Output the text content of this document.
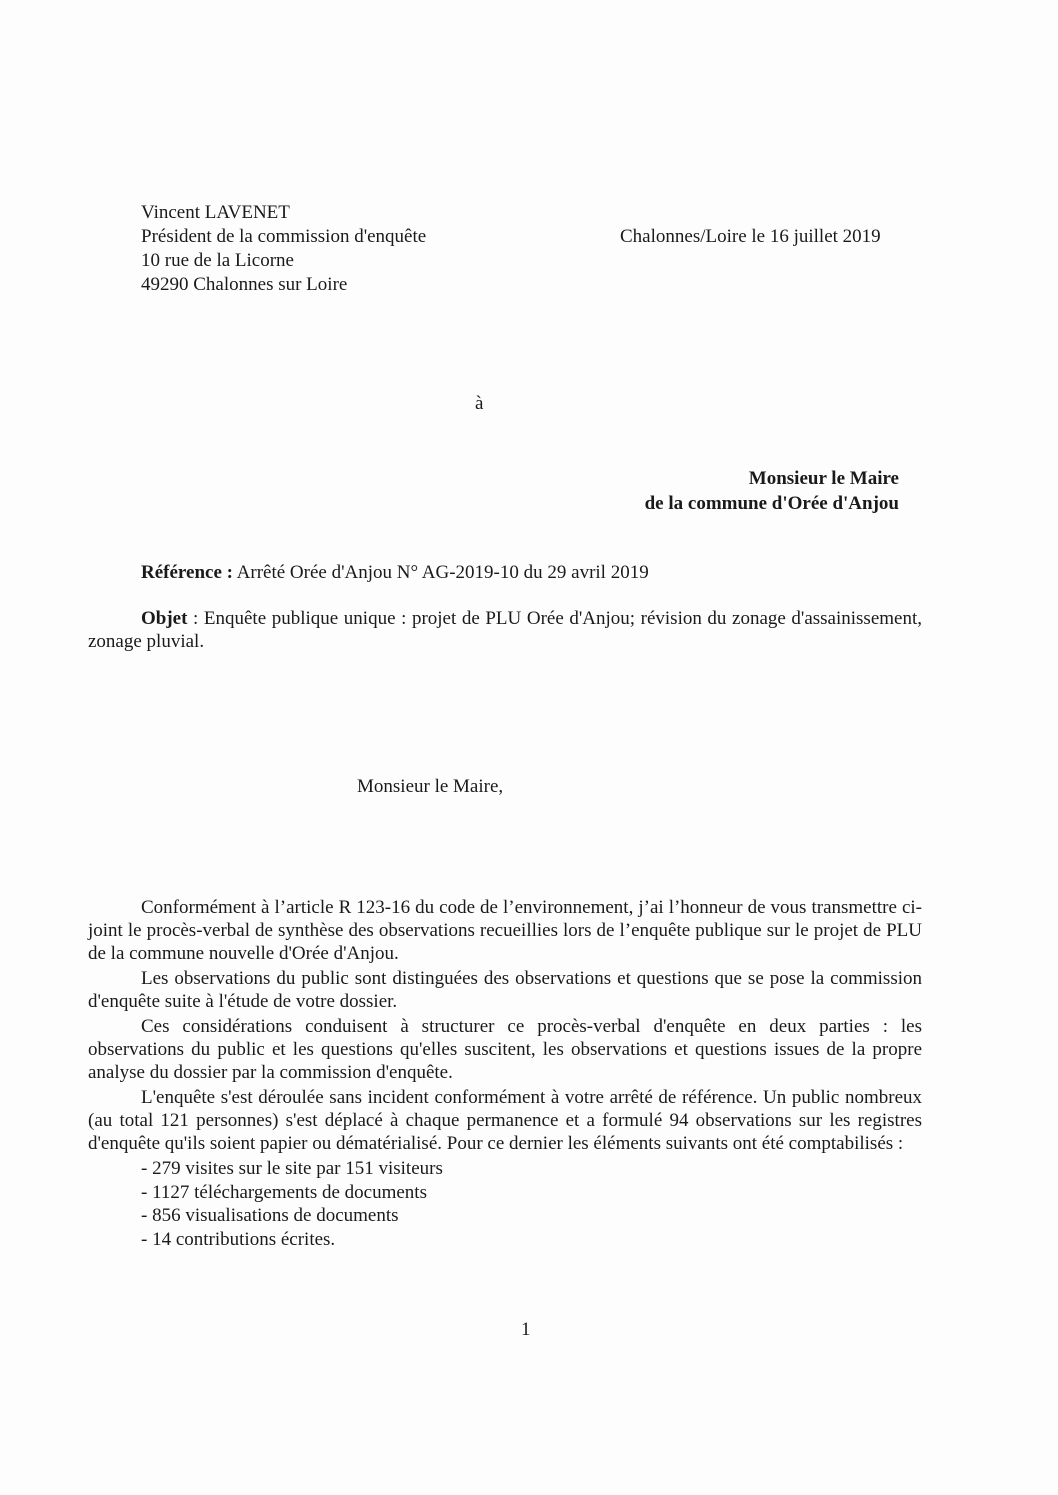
Vincent LAVENET
Président de la commission d'enquête
10 rue de la Licorne
49290 Chalonnes sur Loire
Chalonnes/Loire le 16 juillet 2019
à
Monsieur le Maire
de la commune d'Orée d'Anjou
Référence : Arrêté Orée d'Anjou N° AG-2019-10 du 29 avril 2019
Objet : Enquête publique unique : projet de PLU Orée d'Anjou; révision du zonage d'assainissement, zonage pluvial.
Monsieur le Maire,

Conformément à l’article R 123-16 du code de l’environnement, j’ai l’honneur de vous transmettre ci-joint le procès-verbal de synthèse des observations recueillies lors de l’enquête publique sur le projet de PLU de la commune nouvelle d'Orée d'Anjou.

Les observations du public sont distinguées des observations et questions que se pose la commission d'enquête suite à l'étude de votre dossier.

Ces considérations conduisent à structurer ce procès-verbal d'enquête en deux parties : les observations du public et les questions qu'elles suscitent, les observations et questions issues de la propre analyse du dossier par la commission d'enquête.

L'enquête s'est déroulée sans incident conformément à votre arrêté de référence. Un public nombreux (au total 121 personnes) s'est déplacé à chaque permanence et a formulé 94 observations sur les registres d'enquête qu'ils soient papier ou dématérialisé. Pour ce dernier les éléments suivants ont été comptabilisés :

- 279 visites sur le site par 151 visiteurs
- 1127 téléchargements de documents
- 856 visualisations de documents
- 14 contributions écrites.
1
